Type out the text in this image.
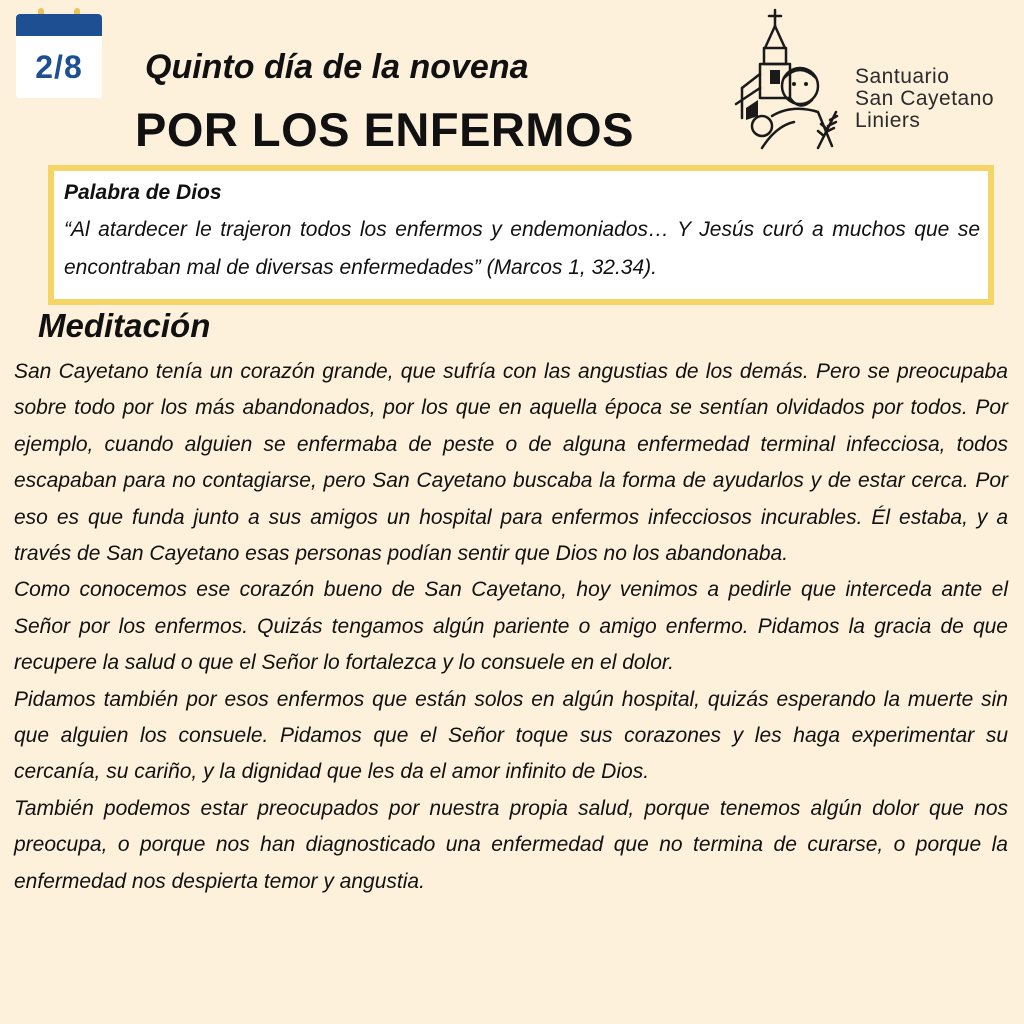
2/8 Quinto día de la novena
POR LOS ENFERMOS
Santuario
San Cayetano
Liniers
Palabra de Dios

“Al atardecer le trajeron todos los enfermos y endemoniados… Y Jesús curó a muchos que se encontraban mal de diversas enfermedades” (Marcos 1, 32.34).

Meditación

San Cayetano tenía un corazón grande, que sufría con las angustias de los demás. Pero se preocupaba sobre todo por los más abandonados, por los que en aquella época se sentían olvidados por todos. Por ejemplo, cuando alguien se enfermaba de peste o de alguna enfermedad terminal infecciosa, todos escapaban para no contagiarse, pero San Cayetano buscaba la forma de ayudarlos y de estar cerca. Por eso es que funda junto a sus amigos un hospital para enfermos infecciosos incurables. Él estaba, y a través de San Cayetano esas personas podían sentir que Dios no los abandonaba.

Como conocemos ese corazón bueno de San Cayetano, hoy venimos a pedirle que interceda ante el Señor por los enfermos. Quizás tengamos algún pariente o amigo enfermo. Pidamos la gracia de que recupere la salud o que el Señor lo fortalezca y lo consuele en el dolor.

Pidamos también por esos enfermos que están solos en algún hospital, quizás esperando la muerte sin que alguien los consuele. Pidamos que el Señor toque sus corazones y les haga experimentar su cercanía, su cariño, y la dignidad que les da el amor infinito de Dios.

También podemos estar preocupados por nuestra propia salud, porque tenemos algún dolor que nos preocupa, o porque nos han diagnosticado una enfermedad que no termina de curarse, o porque la enfermedad nos despierta temor y angustia.
